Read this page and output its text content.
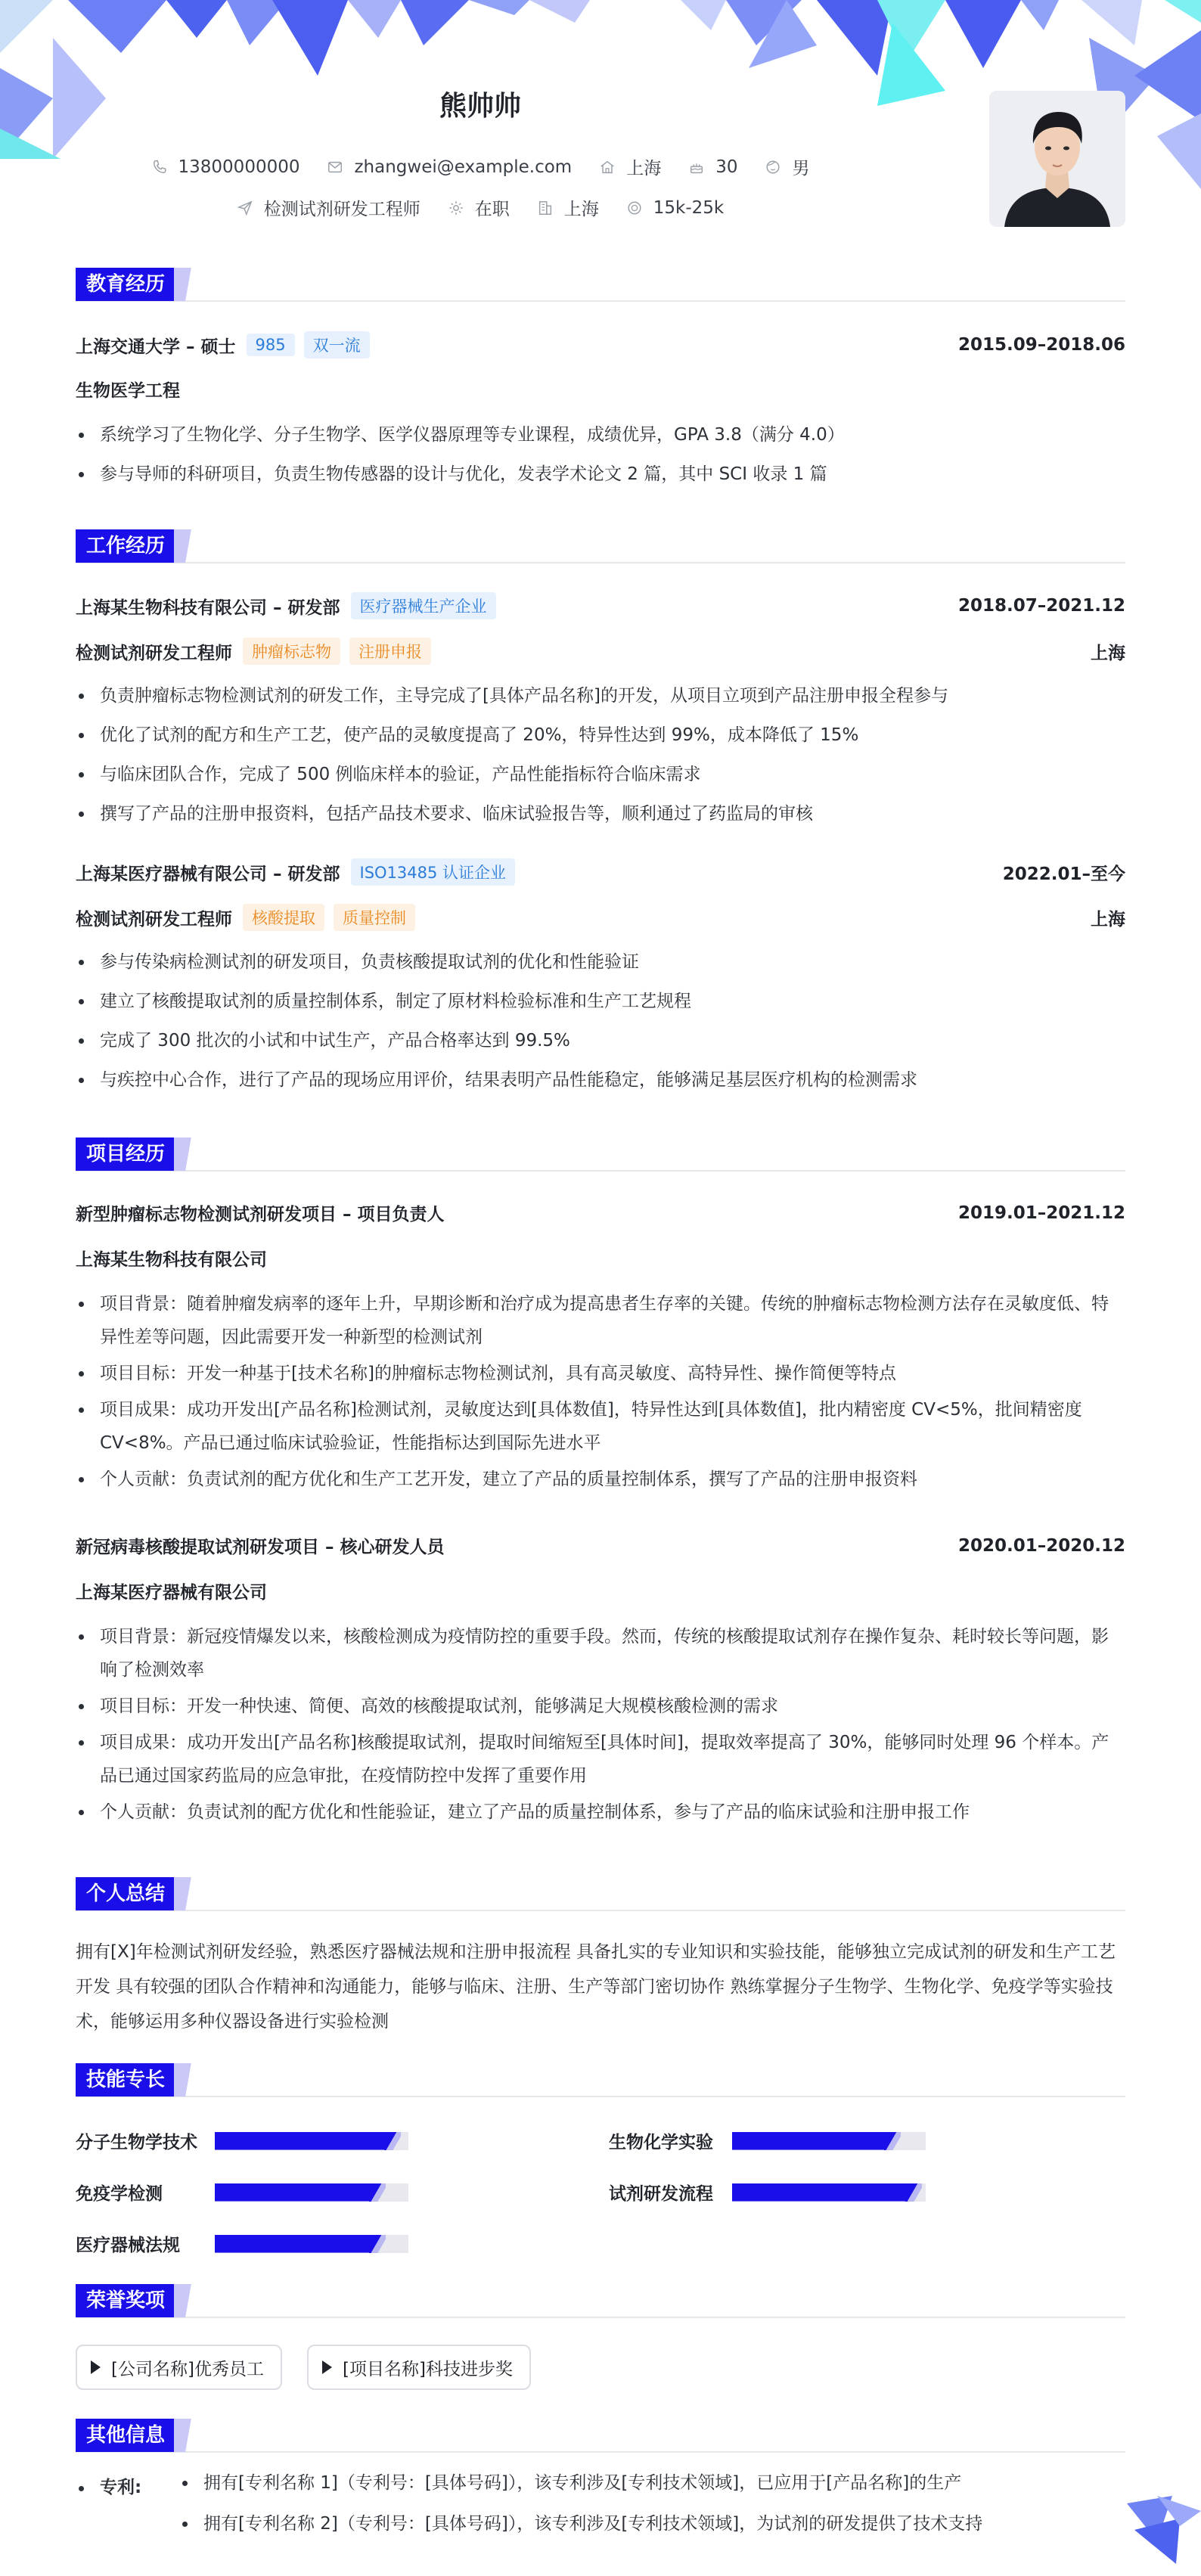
熊帅帅
13800000000	zhangwei@example.com	上海	30	男
检测试剂研发工程师	在职	上海	15k-25k
教育经历
上海交通大学 – 硕士	985	双一流	2015.09–2018.06
生物医学工程
系统学习了生物化学、分子生物学、医学仪器原理等专业课程，成绩优异，GPA 3.8（满分 4.0）
参与导师的科研项目，负责生物传感器的设计与优化，发表学术论文 2 篇，其中 SCI 收录 1 篇
工作经历
上海某生物科技有限公司 – 研发部	医疗器械生产企业	2018.07–2021.12
检测试剂研发工程师	肿瘤标志物	注册申报	上海
负责肿瘤标志物检测试剂的研发工作，主导完成了[具体产品名称]的开发，从项目立项到产品注册申报全程参与
优化了试剂的配方和生产工艺，使产品的灵敏度提高了 20%，特异性达到 99%，成本降低了 15%
与临床团队合作，完成了 500 例临床样本的验证，产品性能指标符合临床需求
撰写了产品的注册申报资料，包括产品技术要求、临床试验报告等，顺利通过了药监局的审核
上海某医疗器械有限公司 – 研发部	ISO13485 认证企业	2022.01–至今
检测试剂研发工程师	核酸提取	质量控制	上海
参与传染病检测试剂的研发项目，负责核酸提取试剂的优化和性能验证
建立了核酸提取试剂的质量控制体系，制定了原材料检验标准和生产工艺规程
完成了 300 批次的小试和中试生产，产品合格率达到 99.5%
与疾控中心合作，进行了产品的现场应用评价，结果表明产品性能稳定，能够满足基层医疗机构的检测需求
项目经历
新型肿瘤标志物检测试剂研发项目 – 项目负责人	2019.01–2021.12
上海某生物科技有限公司
项目背景：随着肿瘤发病率的逐年上升，早期诊断和治疗成为提高患者生存率的关键。传统的肿瘤标志物检测方法存在灵敏度低、特异性差等问题，因此需要开发一种新型的检测试剂
项目目标：开发一种基于[技术名称]的肿瘤标志物检测试剂，具有高灵敏度、高特异性、操作简便等特点
项目成果：成功开发出[产品名称]检测试剂，灵敏度达到[具体数值]，特异性达到[具体数值]，批内精密度 CV<5%，批间精密度 CV<8%。产品已通过临床试验验证，性能指标达到国际先进水平
个人贡献：负责试剂的配方优化和生产工艺开发，建立了产品的质量控制体系，撰写了产品的注册申报资料
新冠病毒核酸提取试剂研发项目 – 核心研发人员	2020.01–2020.12
上海某医疗器械有限公司
项目背景：新冠疫情爆发以来，核酸检测成为疫情防控的重要手段。然而，传统的核酸提取试剂存在操作复杂、耗时较长等问题，影响了检测效率
项目目标：开发一种快速、简便、高效的核酸提取试剂，能够满足大规模核酸检测的需求
项目成果：成功开发出[产品名称]核酸提取试剂，提取时间缩短至[具体时间]，提取效率提高了 30%，能够同时处理 96 个样本。产品已通过国家药监局的应急审批，在疫情防控中发挥了重要作用
个人贡献：负责试剂的配方优化和性能验证，建立了产品的质量控制体系，参与了产品的临床试验和注册申报工作
个人总结
拥有[X]年检测试剂研发经验，熟悉医疗器械法规和注册申报流程 具备扎实的专业知识和实验技能，能够独立完成试剂的研发和生产工艺开发 具有较强的团队合作精神和沟通能力，能够与临床、注册、生产等部门密切协作 熟练掌握分子生物学、生物化学、免疫学等实验技术，能够运用多种仪器设备进行实验检测
技能专长
分子生物学技术	生物化学实验
免疫学检测	试剂研发流程
医疗器械法规
荣誉奖项
[公司名称]优秀员工	[项目名称]科技进步奖
其他信息
专利:	拥有[专利名称 1]（专利号：[具体号码]），该专利涉及[专利技术领域]，已应用于[产品名称]的生产
拥有[专利名称 2]（专利号：[具体号码]），该专利涉及[专利技术领域]，为试剂的研发提供了技术支持
